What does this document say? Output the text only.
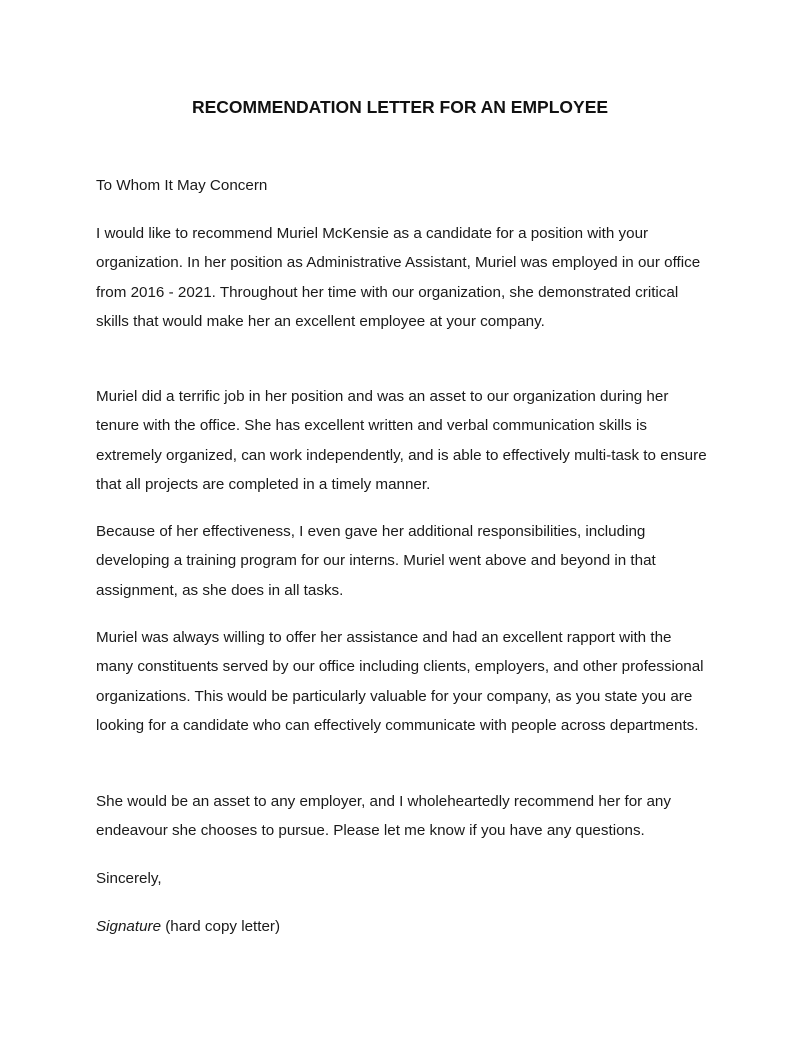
RECOMMENDATION LETTER FOR AN EMPLOYEE

To Whom It May Concern

I would like to recommend Muriel McKensie as a candidate for a position with your organization. In her position as Administrative Assistant, Muriel was employed in our office from 2016 - 2021. Throughout her time with our organization, she demonstrated critical skills that would make her an excellent employee at your company.

Muriel did a terrific job in her position and was an asset to our organization during her tenure with the office. She has excellent written and verbal communication skills is extremely organized, can work independently, and is able to effectively multi-task to ensure that all projects are completed in a timely manner.

Because of her effectiveness, I even gave her additional responsibilities, including developing a training program for our interns. Muriel went above and beyond in that assignment, as she does in all tasks.

Muriel was always willing to offer her assistance and had an excellent rapport with the many constituents served by our office including clients, employers, and other professional organizations. This would be particularly valuable for your company, as you state you are looking for a candidate who can effectively communicate with people across departments.

She would be an asset to any employer, and I wholeheartedly recommend her for any endeavour she chooses to pursue. Please let me know if you have any questions.

Sincerely,

Signature (hard copy letter)
